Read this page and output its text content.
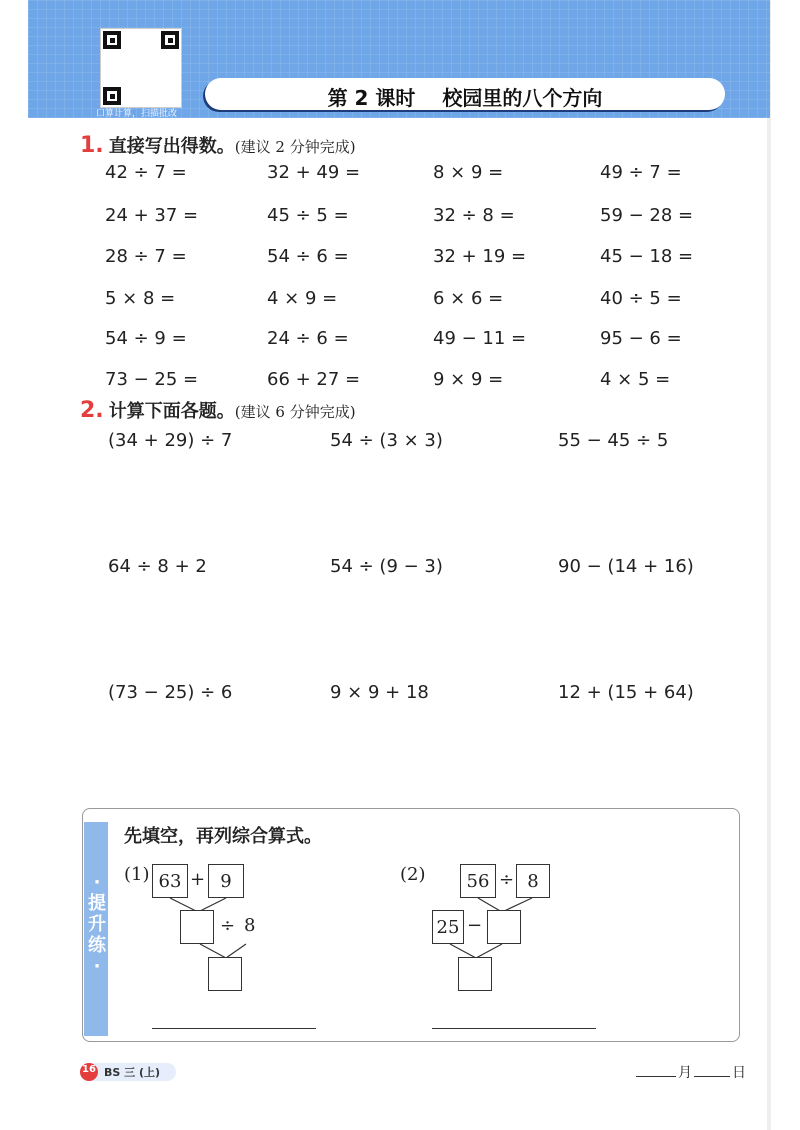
口算计算，扫描批改
第 2 课时　 校园里的八个方向
1. 直接写出得数。(建议 2 分钟完成)
42 ÷ 7 =	32 + 49 =	8 × 9 =	49 ÷ 7 =
24 + 37 =	45 ÷ 5 =	32 ÷ 8 =	59 − 28 =
28 ÷ 7 =	54 ÷ 6 =	32 + 19 =	45 − 18 =
5 × 8 =	4 × 9 =	6 × 6 =	40 ÷ 5 =
54 ÷ 9 =	24 ÷ 6 =	49 − 11 =	95 − 6 =
73 − 25 =	66 + 27 =	9 × 9 =	4 × 5 =
2. 计算下面各题。(建议 6 分钟完成)
(34 + 29) ÷ 7	54 ÷ (3 × 3)	55 − 45 ÷ 5
64 ÷ 8 + 2	54 ÷ (9 − 3)	90 − (14 + 16)
(73 − 25) ÷ 6	9 × 9 + 18	12 + (15 + 64)
·提升练·
先填空，再列综合算式。
(1) 63 + 9
÷ 8
(2)	56 ÷ 8
25 −
16 BS 三 (上)	月	日
